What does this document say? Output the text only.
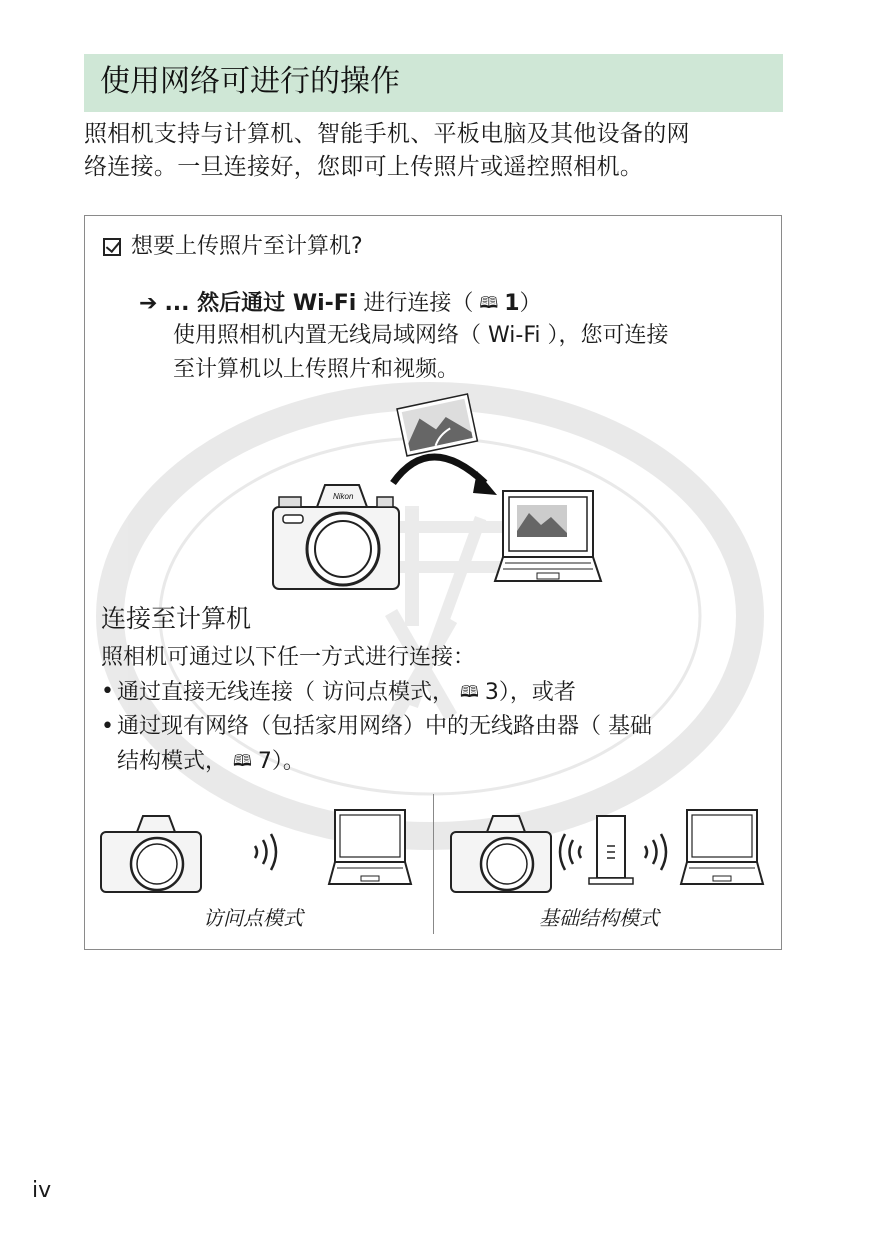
使用网络可进行的操作
照相机支持与计算机、智能手机、平板电脑及其他设备的网
络连接。一旦连接好，您即可上传照片或遥控照相机。
想要上传照片至计算机?
➔ ... 然后通过 Wi-Fi 进行连接（ 🕮 1）
使用照相机内置无线局域网络（ Wi-Fi ），您可连接
至计算机以上传照片和视频。
Nikon
连接至计算机
照相机可通过以下任一方式进行连接：
• 通过直接无线连接（ 访问点模式， 🕮 3），或者
• 通过现有网络（包括家用网络）中的无线路由器（ 基础
结构模式， 🕮 7）。
访问点模式	基础结构模式
iv
